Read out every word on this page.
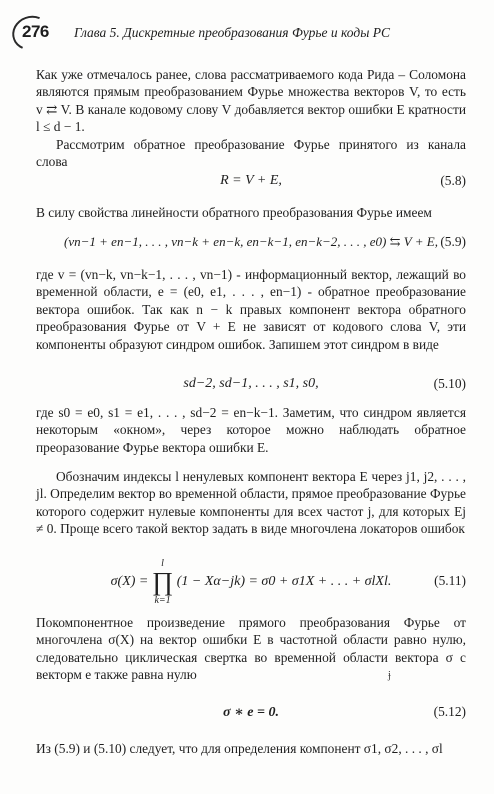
276 Глава 5. Дискретные преобразования Фурье и коды РС
Как уже отмечалось ранее, слова рассматриваемого кода Рида – Соломона являются прямым преобразованием Фурье множества векторов V, то есть v ⇄ V. В канале кодовому слову V добавляется вектор ошибки E кратности l ≤ d − 1.
Рассмотрим обратное преобразование Фурье принятого из канала слова
R = V + E,	(5.8)
В силу свойства линейности обратного преобразования Фурье имеем
(vn−1 + en−1, . . . , vn−k + en−k, en−k−1, en−k−2, . . . , e0) ⇆ V + E, (5.9)
где v = (vn−k, vn−k−1, . . . , vn−1) - информационный вектор, лежащий во временной области, e = (e0, e1, . . . , en−1) - обратное преобразование вектора ошибок. Так как n − k правых компонент вектора обратного преобразования Фурье от V + E не зависят от кодового слова V, эти компоненты образуют синдром ошибок. Запишем этот синдром в виде
sd−2, sd−1, . . . , s1, s0,	(5.10)
где s0 = e0, s1 = e1, . . . , sd−2 = en−k−1. Заметим, что синдром является некоторым «окном», через которое можно наблюдать обратное преоразование Фурье вектора ошибки E.
Обозначим индексы l ненулевых компонент вектора E через j1, j2, . . . , jl. Определим вектор во временной области, прямое преобразование Фурье которого содержит нулевые компоненты для всех частот j, для которых Ej ≠ 0. Проще всего такой вектор задать в виде многочлена локаторов ошибок
σ(X) = l
∏
k=1 (1 − Xα−jk) = σ0 + σ1X + . . . + σlXl.	(5.11)
Покомпонентное произведение прямого преобразования Фурье от многочлена σ(X) на вектор ошибки E в частотной области равно нулю, следовательно циклическая свертка во временной области вектора σ с векторм e также равна нулю	ɉ
σ ∗ e = 0.	(5.12)
Из (5.9) и (5.10) следует, что для определения компонент σ1, σ2, . . . , σl
